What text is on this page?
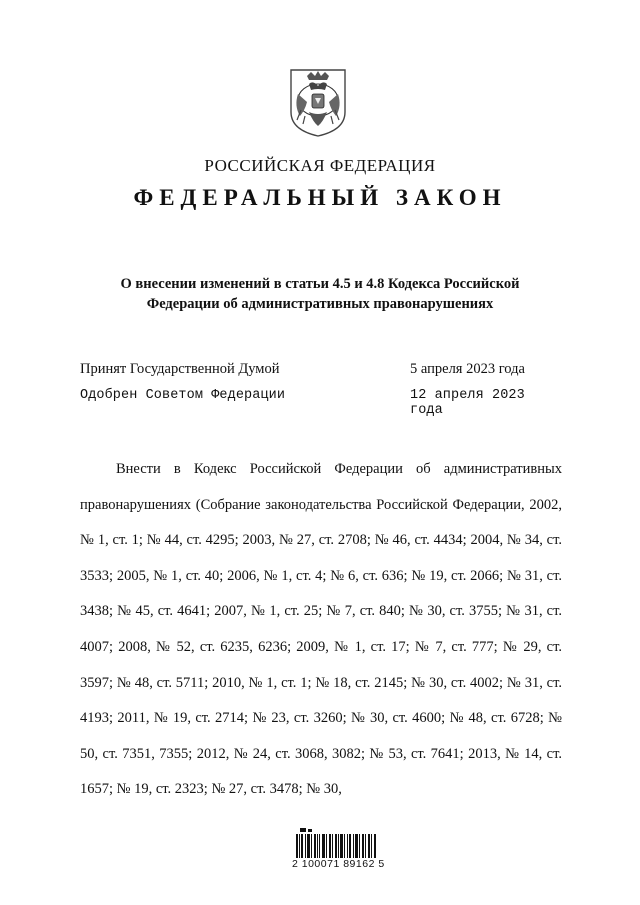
РОССИЙСКАЯ ФЕДЕРАЦИЯ
ФЕДЕРАЛЬНЫЙ ЗАКОН
О внесении изменений в статьи 4.5 и 4.8 Кодекса Российской Федерации об административных правонарушениях
Принят Государственной Думой	5 апреля 2023 года
Одобрен Советом Федерации	12 апреля 2023 года
Внести в Кодекс Российской Федерации об административных правонарушениях (Собрание законодательства Российской Федерации, 2002, № 1, ст. 1; № 44, ст. 4295; 2003, № 27, ст. 2708; № 46, ст. 4434; 2004, № 34, ст. 3533; 2005, № 1, ст. 40; 2006, № 1, ст. 4; № 6, ст. 636; № 19, ст. 2066; № 31, ст. 3438; № 45, ст. 4641; 2007, № 1, ст. 25; № 7, ст. 840; № 30, ст. 3755; № 31, ст. 4007; 2008, № 52, ст. 6235, 6236; 2009, № 1, ст. 17; № 7, ст. 777; № 29, ст. 3597; № 48, ст. 5711; 2010, № 1, ст. 1; № 18, ст. 2145; № 30, ст. 4002; № 31, ст. 4193; 2011, № 19, ст. 2714; № 23, ст. 3260; № 30, ст. 4600; № 48, ст. 6728; № 50, ст. 7351, 7355; 2012, № 24, ст. 3068, 3082; № 53, ст. 7641; 2013, № 14, ст. 1657; № 19, ст. 2323; № 27, ст. 3478; № 30,
2 100071 89162 5
